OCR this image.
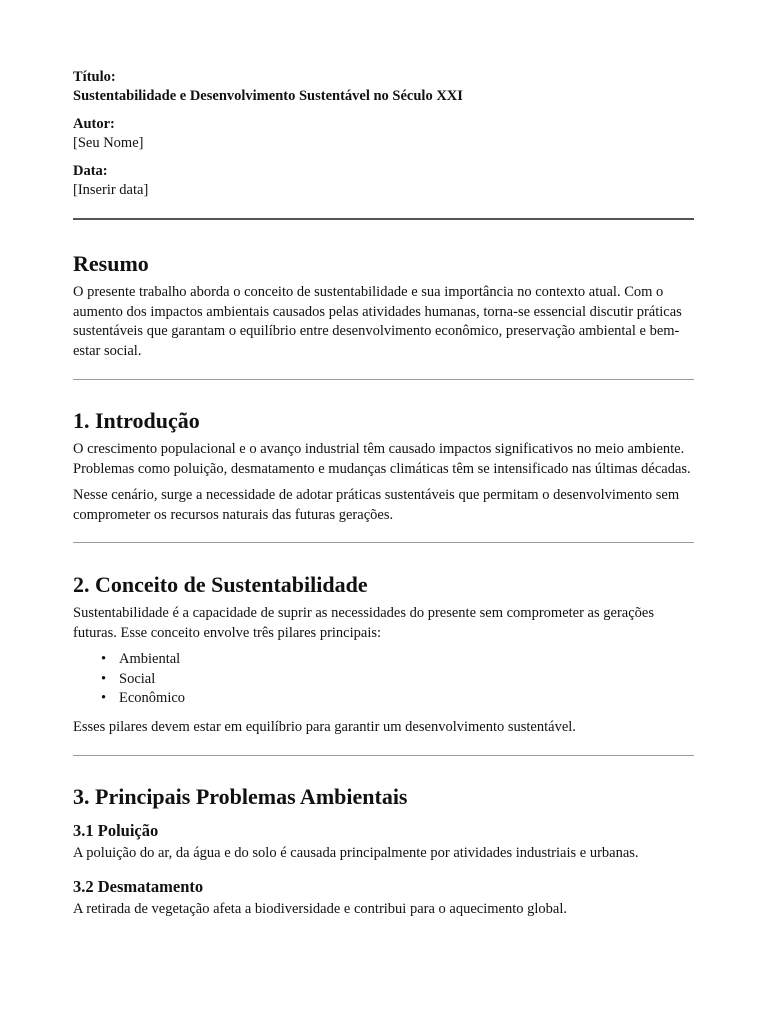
Título:
Sustentabilidade e Desenvolvimento Sustentável no Século XXI
Autor:
[Seu Nome]
Data:
[Inserir data]
Resumo

O presente trabalho aborda o conceito de sustentabilidade e sua importância no contexto atual. Com o aumento dos impactos ambientais causados pelas atividades humanas, torna-se essencial discutir práticas sustentáveis que garantam o equilíbrio entre desenvolvimento econômico, preservação ambiental e bem-estar social.

1. Introdução

O crescimento populacional e o avanço industrial têm causado impactos significativos no meio ambiente. Problemas como poluição, desmatamento e mudanças climáticas têm se intensificado nas últimas décadas.

Nesse cenário, surge a necessidade de adotar práticas sustentáveis que permitam o desenvolvimento sem comprometer os recursos naturais das futuras gerações.

2. Conceito de Sustentabilidade

Sustentabilidade é a capacidade de suprir as necessidades do presente sem comprometer as gerações futuras. Esse conceito envolve três pilares principais:

• Ambiental
• Social
• Econômico

Esses pilares devem estar em equilíbrio para garantir um desenvolvimento sustentável.

3. Principais Problemas Ambientais
3.1 Poluição

A poluição do ar, da água e do solo é causada principalmente por atividades industriais e urbanas.

3.2 Desmatamento

A retirada de vegetação afeta a biodiversidade e contribui para o aquecimento global.
